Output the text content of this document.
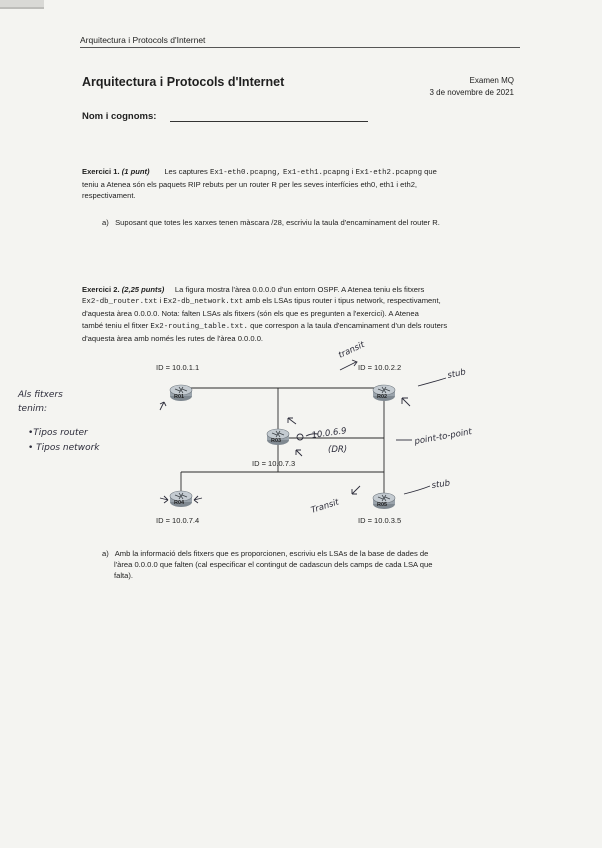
Arquitectura i Protocols d'Internet
Arquitectura i Protocols d'Internet	Examen MQ
3 de novembre de 2021
Nom i cognoms:
Exercici 1. (1 punt) Les captures Ex1-eth0.pcapng, Ex1-eth1.pcapng i Ex1-eth2.pcapng que
teniu a Atenea són els paquets RIP rebuts per un router R per les seves interfícies eth0, eth1 i eth2,
respectivament.
a) Suposant que totes les xarxes tenen màscara /28, escriviu la taula d'encaminament del router R.
Exercici 2. (2,25 punts) La figura mostra l'àrea 0.0.0.0 d'un entorn OSPF. A Atenea teniu els fitxers
Ex2-db_router.txt i Ex2-db_network.txt amb els LSAs tipus router i tipus network, respectivament,
d'aquesta àrea 0.0.0.0. Nota: falten LSAs als fitxers (són els que es pregunten a l'exercici). A Atenea
també teniu el fitxer Ex2-routing_table.txt. que correspon a la taula d'encaminament d'un dels routers
d'aquesta àrea amb només les rutes de l'àrea 0.0.0.0.
Als fitxers
tenim:
•Tipos router
• Tipos network
R01
ID = 10.0.1.1
R02
ID = 10.0.2.2
R03
ID = 10.0.7.3
R04
ID = 10.0.7.4
R05
ID = 10.0.3.5
transit
stub
10.0.6.9
(DR)
point-to-point
stub
Transit
a) Amb la informació dels fitxers que es proporcionen, escriviu els LSAs de la base de dades de
l'àrea 0.0.0.0 que falten (cal especificar el contingut de cadascun dels camps de cada LSA que
falta).
